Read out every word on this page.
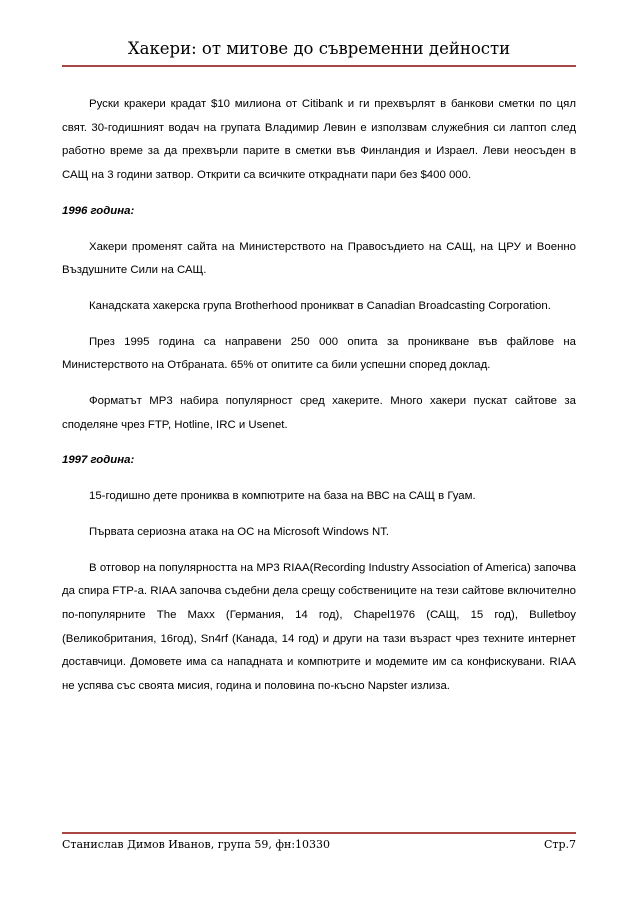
Хакери: от митове до съвременни дейности

Руски кракери крадат $10 милиона от Citibank и ги прехвърлят в банкови сметки по цял свят. 30-годишният водач на групата Владимир Левин е използвам служебния си лаптоп след работно време за да прехвърли парите в сметки във Финландия и Израел. Леви неосъден в САЩ на 3 години затвор. Открити са всичките откраднати пари без $400 000.

1996 година:

Хакери променят сайта на Министерството на Правосъдието на САЩ, на ЦРУ и Военно Въздушните Сили на САЩ.

Канадската хакерска група Brotherhood проникват в Canadian Broadcasting Corporation.

През 1995 година са направени 250 000 опита за проникване във файлове на Министерството на Отбраната. 65% от опитите са били успешни според доклад.

Форматът MP3 набира популярност сред хакерите. Много хакери пускат сайтове за споделяне чрез FTP, Hotline, IRC и Usenet.

1997 година:

15-годишно дете прониква в компютрите на база на ВВС на САЩ в Гуам.

Първата сериозна атака на ОС на Microsoft Windows NT.

В отговор на популярността на MP3 RIAA(Recording Industry Association of America) започва да спира FTP-а. RIAA започва съдебни дела срещу собствениците на тези сайтове включително по-популярните The Maxx (Германия, 14 год), Chapel1976 (САЩ, 15 год), Bulletboy (Великобритания, 16год), Sn4rf (Канада, 14 год) и други на тази възраст чрез техните интернет доставчици. Домовете има са нападната и компютрите и модемите им са конфискувани. RIAA не успява със своята мисия, година и половина по-късно Napster излиза.

Станислав Димов Иванов, група 59, фн:10330	Стр.7
